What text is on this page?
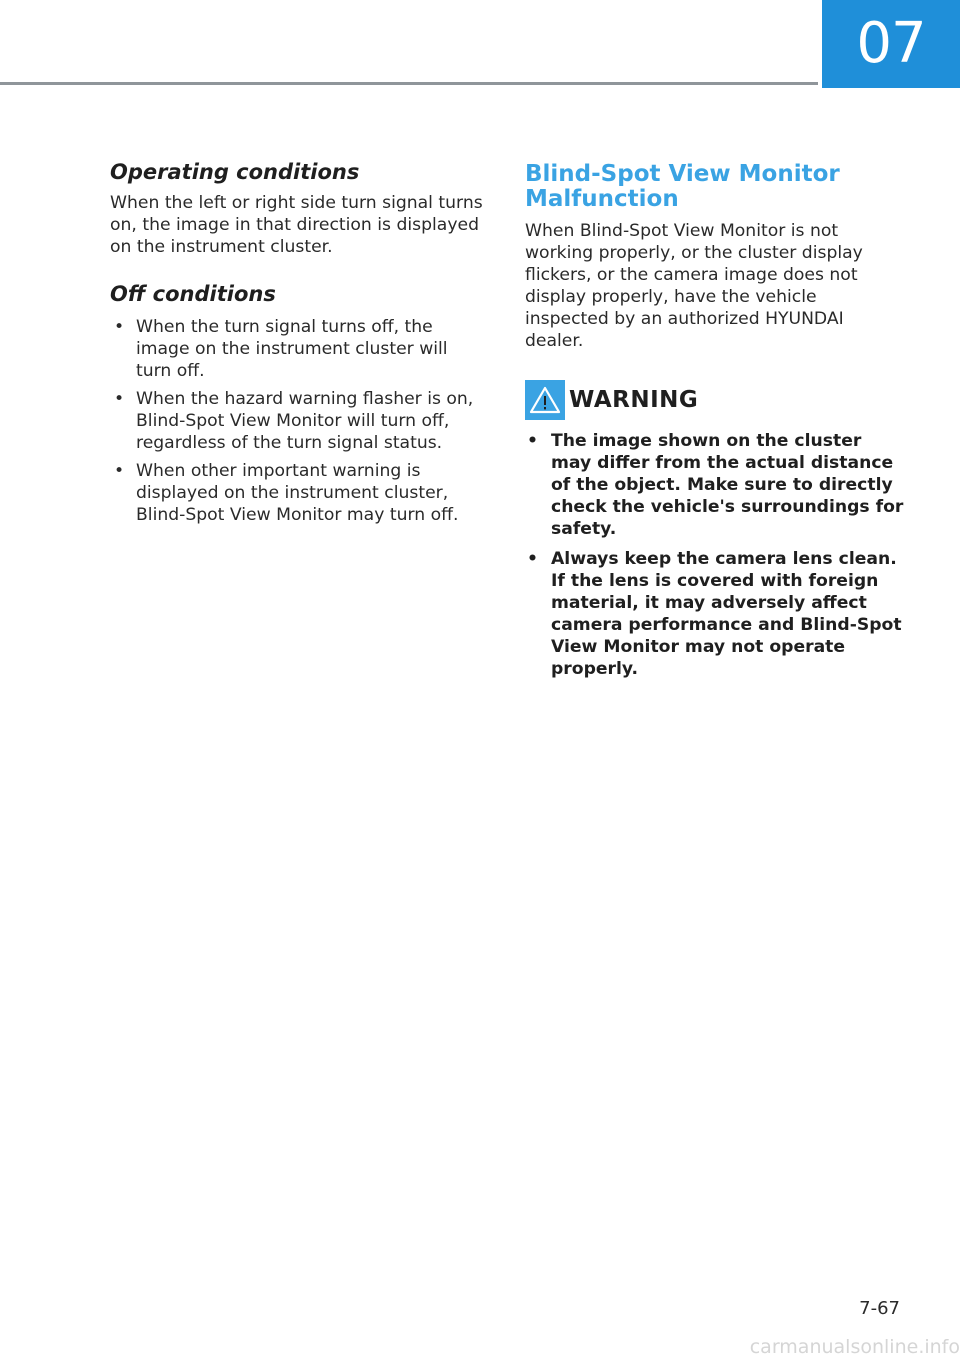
07
Operating conditions

When the left or right side turn signal turns on, the image in that direction is displayed on the instrument cluster.

Off conditions
• When the turn signal turns off, the image on the instrument cluster will turn off.
• When the hazard warning flasher is on, Blind-Spot View Monitor will turn off, regardless of the turn signal status.
• When other important warning is displayed on the instrument cluster, Blind-Spot View Monitor may turn off.
Blind-Spot View Monitor
Malfunction

When Blind-Spot View Monitor is not working properly, or the cluster display flickers, or the camera image does not display properly, have the vehicle inspected by an authorized HYUNDAI dealer.

WARNING
• The image shown on the cluster may differ from the actual distance of the object. Make sure to directly check the vehicle's surroundings for safety.
• Always keep the camera lens clean. If the lens is covered with foreign material, it may adversely affect camera performance and Blind-Spot View Monitor may not operate properly.
7-67
carmanualsonline.info
